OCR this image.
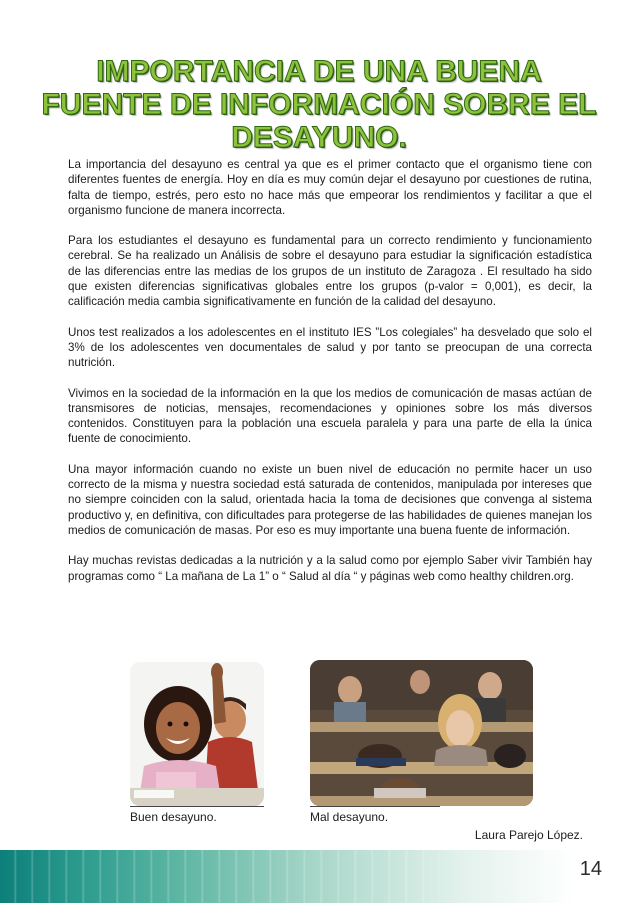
IMPORTANCIA DE UNA BUENA
FUENTE DE INFORMACIÓN SOBRE EL
DESAYUNO.

La importancia del desayuno es central ya que es el primer contacto que el organismo tiene con diferentes fuentes de energía. Hoy en día es muy común dejar el desayuno por cuestiones de rutina, falta de tiempo, estrés, pero esto no hace más que empeorar los rendimientos y facilitar a que el organismo funcione de manera incorrecta.

Para los estudiantes el desayuno es fundamental para un correcto rendimiento y funcionamiento cerebral. Se ha realizado un Análisis de sobre el desayuno para estudiar la significación estadística de las diferencias entre las medias de los grupos de un instituto de Zaragoza . El resultado ha sido que existen diferencias significativas globales entre los grupos (p-valor = 0,001), es decir, la calificación media cambia significativamente en función de la calidad del desayuno.

Unos test realizados a los adolescentes en el instituto IES ”Los colegiales” ha desvelado que solo el 3% de los adolescentes ven documentales de salud y por tanto se preocupan de una correcta nutrición.

Vivimos en la sociedad de la información en la que los medios de comunicación de masas actúan de transmisores de noticias, mensajes, recomendaciones y opiniones sobre los más diversos contenidos. Constituyen para la población una escuela paralela y para una parte de ella la única fuente de conocimiento.

Una mayor información cuando no existe un buen nivel de educación no permite hacer un uso correcto de la misma y nuestra sociedad está saturada de contenidos, manipulada por intereses que no siempre coinciden con la salud, orientada hacia la toma de decisiones que convenga al sistema productivo y, en definitiva, con dificultades para protegerse de las habilidades de quienes manejan los medios de comunicación de masas. Por eso es muy importante una buena fuente de información.

Hay muchas revistas dedicadas a la nutrición y a la salud como por ejemplo Saber vivir También hay programas como “ La mañana de La 1” o “ Salud al día “ y páginas web como healthy children.org.

Buen desayuno.	Mal desayuno.
Laura Parejo López.
14
